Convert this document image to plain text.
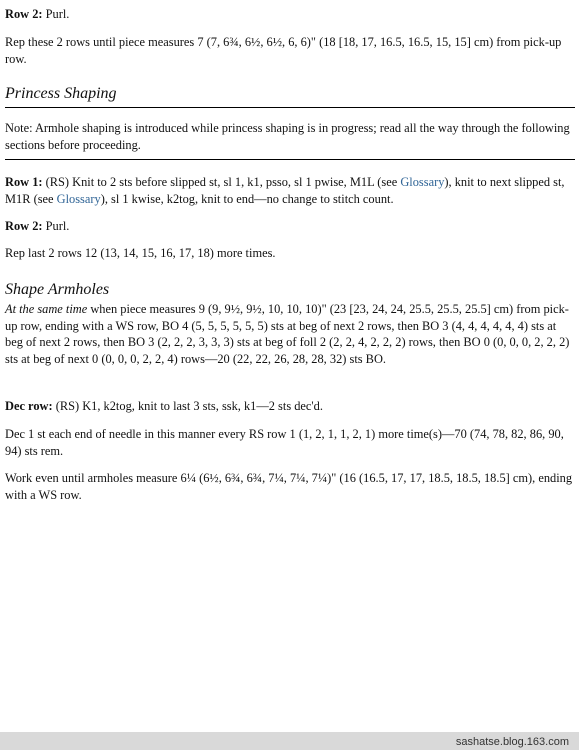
Row 2: Purl.

Rep these 2 rows until piece measures 7 (7, 6¾, 6½, 6½, 6, 6)" (18 [18, 17, 16.5, 16.5, 15, 15] cm) from pick-up row.

Princess Shaping

Note: Armhole shaping is introduced while princess shaping is in progress; read all the way through the following sections before proceeding.

Row 1: (RS) Knit to 2 sts before slipped st, sl 1, k1, psso, sl 1 pwise, M1L (see Glossary), knit to next slipped st, M1R (see Glossary), sl 1 kwise, k2tog, knit to end—no change to stitch count.

Row 2: Purl.

Rep last 2 rows 12 (13, 14, 15, 16, 17, 18) more times.

Shape Armholes

At the same time when piece measures 9 (9, 9½, 9½, 10, 10, 10)" (23 [23, 24, 24, 25.5, 25.5, 25.5] cm) from pick-up row, ending with a WS row, BO 4 (5, 5, 5, 5, 5, 5) sts at beg of next 2 rows, then BO 3 (4, 4, 4, 4, 4, 4) sts at beg of next 2 rows, then BO 3 (2, 2, 2, 3, 3, 3) sts at beg of foll 2 (2, 2, 4, 2, 2, 2) rows, then BO 0 (0, 0, 0, 2, 2, 2) sts at beg of next 0 (0, 0, 0, 2, 2, 4) rows—20 (22, 22, 26, 28, 28, 32) sts BO.

Dec row: (RS) K1, k2tog, knit to last 3 sts, ssk, k1—2 sts dec'd.

Dec 1 st each end of needle in this manner every RS row 1 (1, 2, 1, 1, 2, 1) more time(s)—70 (74, 78, 82, 86, 90, 94) sts rem.

Work even until armholes measure 6¼ (6½, 6¾, 6¾, 7¼, 7¼, 7¼)" (16 (16.5, 17, 17, 18.5, 18.5, 18.5] cm), ending with a WS row.

sashatse.blog.163.com
